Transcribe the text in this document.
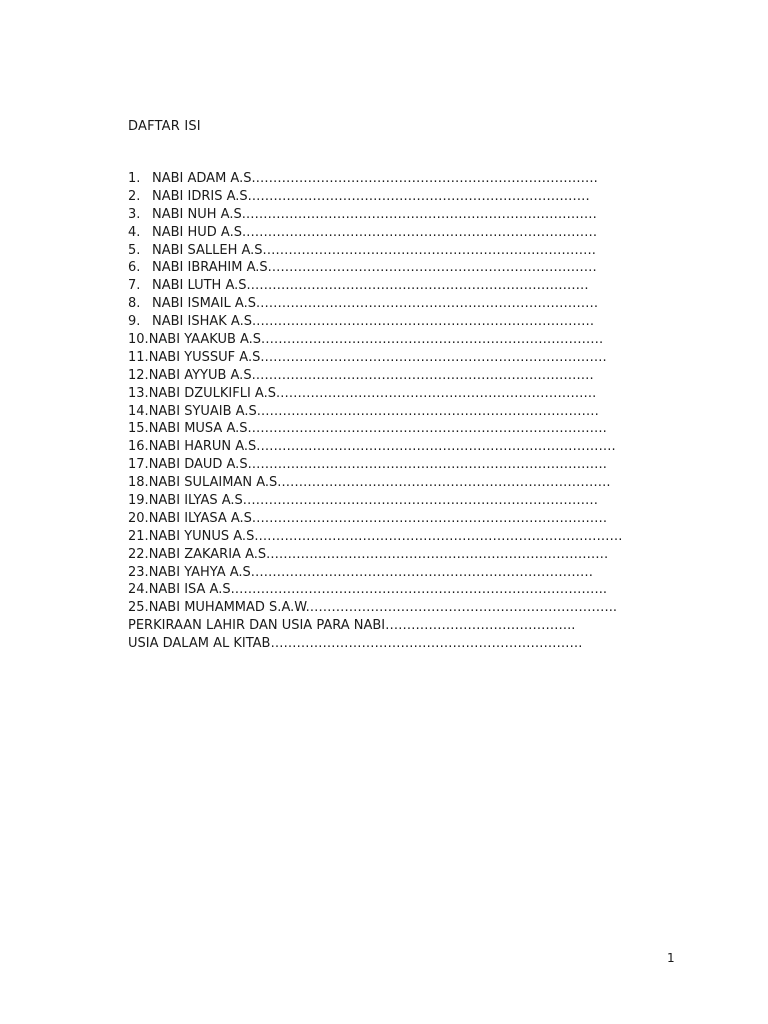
DAFTAR ISI
1. NABI ADAM A.S.…………………………………………………………………….
2. NABI IDRIS A.S.……………………………………………………………………
3. NABI NUH A.S.………………………………………………………………………
4. NABI HUD A.S.………………………………………………………………………
5. NABI SALLEH A.S.………………………………………………………………….
6. NABI IBRAHIM A.S.…………………………………………………………………
7. NABI LUTH A.S.……………………………………………………………………
8. NABI ISMAIL A.S.……………………………………………………………………
9. NABI ISHAK A.S.……………………………………………………………………
10.NABI YAAKUB A.S.……………………………………………………………………
11.NABI YUSSUF A.S.…………………………………………………………………….
12.NABI AYYUB A.S.……………………………………………………………………
13.NABI DZULKIFLI A.S.……………………………………………………………….
14.NABI SYUAIB A.S.……………………………………………………………………
15.NABI MUSA A.S.……………………………………………………………………….
16.NABI HARUN A.S.……………………………………………………………………….
17.NABI DAUD A.S.……………………………………………………………………….
18.NABI SULAIMAN A.S.………………………………………………………………….
19.NABI ILYAS A.S.………………………………………………………………………
20.NABI ILYASA A.S.………………………………………………………………………
21.NABI YUNUS A.S.…………………………………………………………………………
22.NABI ZAKARIA A.S.……………………………………………………………………
23.NABI YAHYA A.S.……………………………………………………………………
24.NABI ISA A.S.…………………………………………………………………………..
25.NABI MUHAMMAD S.A.W.……………………………………………………………..
PERKIRAAN LAHIR DAN USIA PARA NABI……………………………………..
USIA DALAM AL KITAB………………………………………………………………
1
